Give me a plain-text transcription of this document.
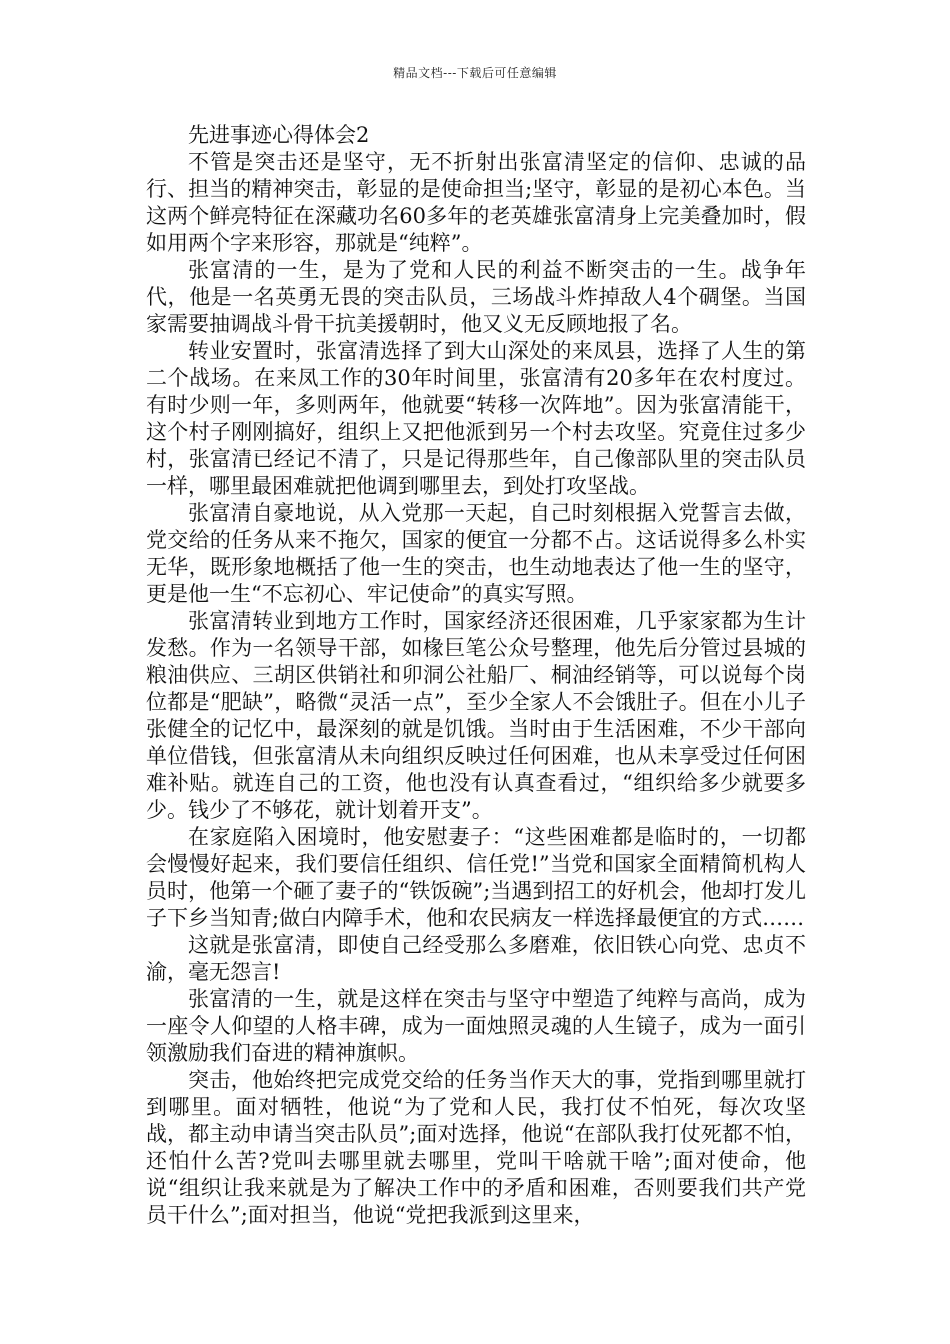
精品文档---下载后可任意编辑
先进事迹心得体会2

不管是突击还是坚守，无不折射出张富清坚定的信仰、忠诚的品行、担当的精神突击，彰显的是使命担当;坚守，彰显的是初心本色。当这两个鲜亮特征在深藏功名60多年的老英雄张富清身上完美叠加时，假如用两个字来形容，那就是“纯粹”。

张富清的一生，是为了党和人民的利益不断突击的一生。战争年代，他是一名英勇无畏的突击队员，三场战斗炸掉敌人4个碉堡。当国家需要抽调战斗骨干抗美援朝时，他又义无反顾地报了名。

转业安置时，张富清选择了到大山深处的来凤县，选择了人生的第二个战场。在来凤工作的30年时间里，张富清有20多年在农村度过。有时少则一年，多则两年，他就要“转移一次阵地”。因为张富清能干，这个村子刚刚搞好，组织上又把他派到另一个村去攻坚。究竟住过多少村，张富清已经记不清了，只是记得那些年，自己像部队里的突击队员一样，哪里最困难就把他调到哪里去，到处打攻坚战。

张富清自豪地说，从入党那一天起，自己时刻根据入党誓言去做，党交给的任务从来不拖欠，国家的便宜一分都不占。这话说得多么朴实无华，既形象地概括了他一生的突击，也生动地表达了他一生的坚守，更是他一生“不忘初心、牢记使命”的真实写照。

张富清转业到地方工作时，国家经济还很困难，几乎家家都为生计发愁。作为一名领导干部，如椽巨笔公众号整理，他先后分管过县城的粮油供应、三胡区供销社和卯洞公社船厂、桐油经销等，可以说每个岗位都是“肥缺”，略微“灵活一点”，至少全家人不会饿肚子。但在小儿子张健全的记忆中，最深刻的就是饥饿。当时由于生活困难，不少干部向单位借钱，但张富清从未向组织反映过任何困难，也从未享受过任何困难补贴。就连自己的工资，他也没有认真查看过，“组织给多少就要多少。钱少了不够花，就计划着开支”。

在家庭陷入困境时，他安慰妻子：“这些困难都是临时的，一切都会慢慢好起来，我们要信任组织、信任党!”当党和国家全面精简机构人员时，他第一个砸了妻子的“铁饭碗”;当遇到招工的好机会，他却打发儿子下乡当知青;做白内障手术，他和农民病友一样选择最便宜的方式……

这就是张富清，即使自己经受那么多磨难，依旧铁心向党、忠贞不渝，毫无怨言!

张富清的一生，就是这样在突击与坚守中塑造了纯粹与高尚，成为一座令人仰望的人格丰碑，成为一面烛照灵魂的人生镜子，成为一面引领激励我们奋进的精神旗帜。

突击，他始终把完成党交给的任务当作天大的事，党指到哪里就打到哪里。面对牺牲，他说“为了党和人民，我打仗不怕死，每次攻坚战，都主动申请当突击队员”;面对选择，他说“在部队我打仗死都不怕，还怕什么苦?党叫去哪里就去哪里，党叫干啥就干啥”;面对使命，他说“组织让我来就是为了解决工作中的矛盾和困难，否则要我们共产党员干什么”;面对担当，他说“党把我派到这里来，
